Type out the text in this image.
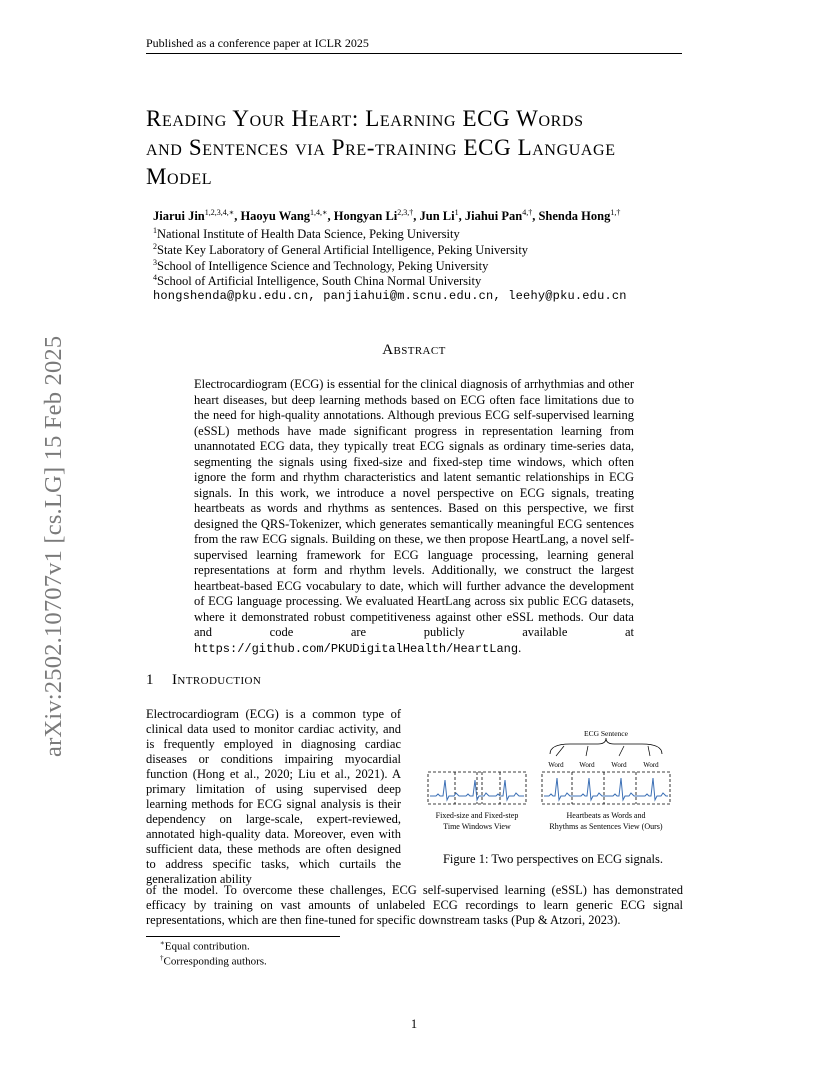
Published as a conference paper at ICLR 2025
arXiv:2502.10707v1 [cs.LG] 15 Feb 2025
Reading Your Heart: Learning ECG Words
and Sentences via Pre-training ECG Language
Model
Jiarui Jin$^{1,2,3,4,∗}$, Haoyu Wang$^{1,4,∗}$, Hongyan $Li^{2,3,\dagger}$, Jun Li$^1$, Jiahui Pan$^{4,\dagger}$, Shenda Hong$^{1,\dagger}$
$^1$National Institute of Health Data Science, Peking University
$^2$State Key Laboratory of General Artificial Intelligence, Peking University
$^3$School of Intelligence Science and Technology, Peking University
$^4$School of Artificial Intelligence, South China Normal University
hongshenda@pku.edu.cn, panjiahui@m.scnu.edu.cn, leehy@pku.edu.cn
Abstract
Electrocardiogram (ECG) is essential for the clinical diagnosis of arrhythmias and other heart diseases, but deep learning methods based on ECG often face limitations due to the need for high-quality annotations. Although previous ECG self-supervised learning (eSSL) methods have made significant progress in representation learning from unannotated ECG data, they typically treat ECG signals as ordinary time-series data, segmenting the signals using fixed-size and fixed-step time windows, which often ignore the form and rhythm characteristics and latent semantic relationships in ECG signals. In this work, we introduce a novel perspective on ECG signals, treating heartbeats as words and rhythms as sentences. Based on this perspective, we first designed the QRS-Tokenizer, which generates semantically meaningful ECG sentences from the raw ECG signals. Building on these, we then propose HeartLang, a novel self-supervised learning framework for ECG language processing, learning general representations at form and rhythm levels. Additionally, we construct the largest heartbeat-based ECG vocabulary to date, which will further advance the development of ECG language processing. We evaluated HeartLang across six public ECG datasets, where it demonstrated robust competitiveness against other eSSL methods. Our data and code are publicly available at https://github.com/PKUDigitalHealth/HeartLang.
1 Introduction
Electrocardiogram (ECG) is a common type of clinical data used to monitor cardiac activity, and is frequently employed in diagnosing cardiac diseases or conditions impairing myocardial function (Hong et al., 2020; Liu et al., 2021). A primary limitation of using supervised deep learning methods for ECG signal analysis is their dependency on large-scale, expert-reviewed, annotated high-quality data. Moreover, even with sufficient data, these methods are often designed to address specific tasks, which curtails the generalization ability
ECG Sentence
Word Word Word Word
Fixed-size and Fixed-step
Time Windows View
Heartbeats as Words and
Rhythms as Sentences View (Ours)
Figure 1: Two perspectives on ECG signals.
of the model. To overcome these challenges, ECG self-supervised learning (eSSL) has demonstrated efficacy by training on vast amounts of unlabeled ECG recordings to learn generic ECG signal representations, which are then fine-tuned for specific downstream tasks (Pup & Atzori, 2023).
∗Equal contribution.
†Corresponding authors.
1
